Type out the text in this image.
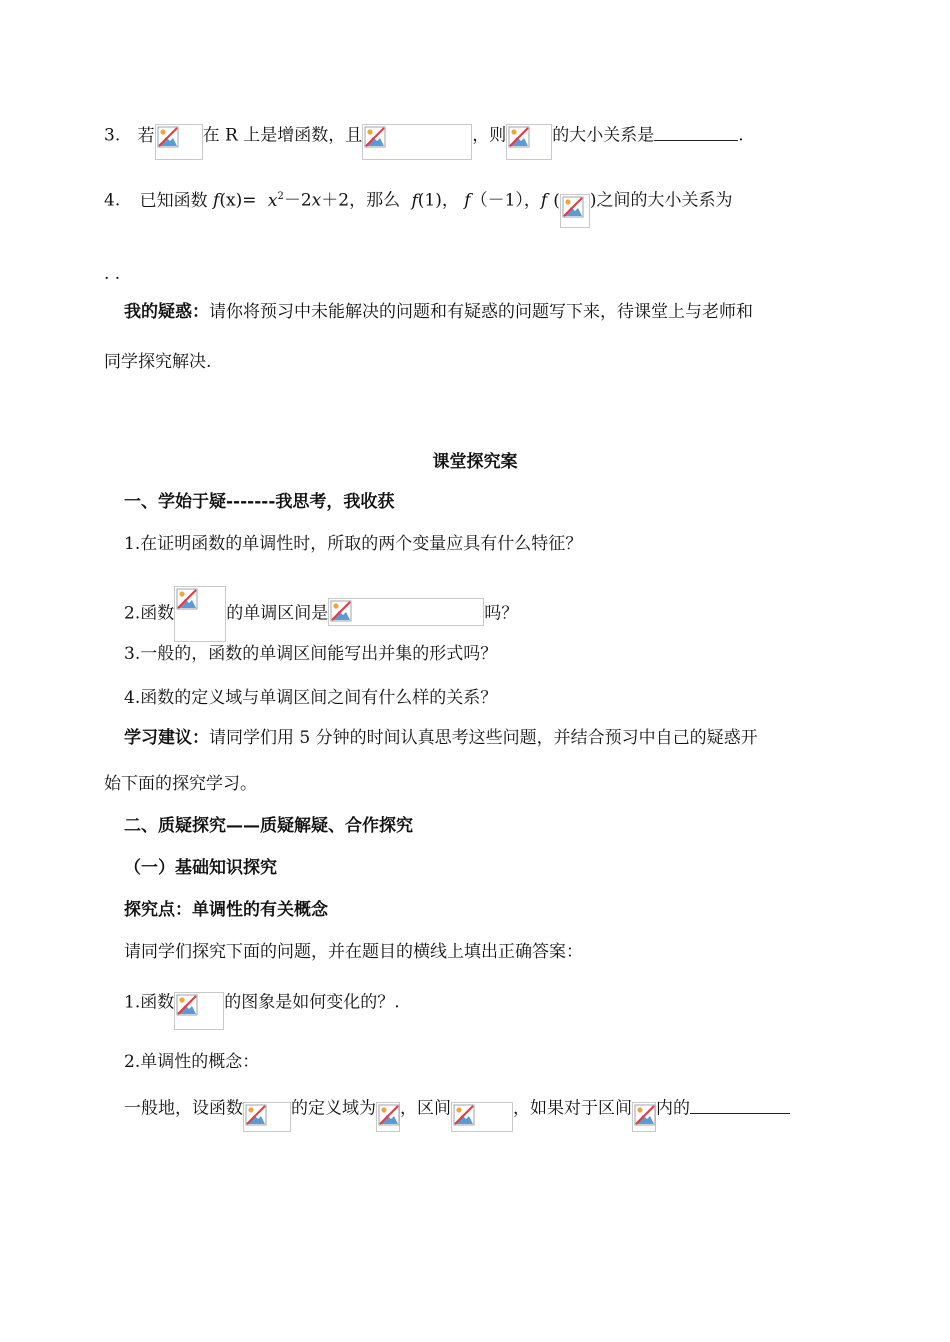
3. 若	在 R 上是增函数，且	，则	的大小关系是	.
4. 已知函数 $f(x)= x^2-2x+2$，那么 f(1)， f（－1），f ( )之间的大小关系为
. .
我的疑惑：请你将预习中未能解决的问题和有疑惑的问题写下来，待课堂上与老师和
同学探究解决.
课堂探究案
一、学始于疑-------我思考，我收获
1.在证明函数的单调性时，所取的两个变量应具有什么特征？
2.函数	的单调区间是	吗？
3.一般的，函数的单调区间能写出并集的形式吗？
4.函数的定义域与单调区间之间有什么样的关系？
学习建议：请同学们用 5 分钟的时间认真思考这些问题，并结合预习中自己的疑惑开
始下面的探究学习。
二、质疑探究——质疑解疑、合作探究
（一）基础知识探究
探究点：单调性的有关概念
请同学们探究下面的问题，并在题目的横线上填出正确答案：
1.函数	的图象是如何变化的？.
2.单调性的概念：
一般地，设函数	的定义域为 ，区间	，如果对于区间 内的
